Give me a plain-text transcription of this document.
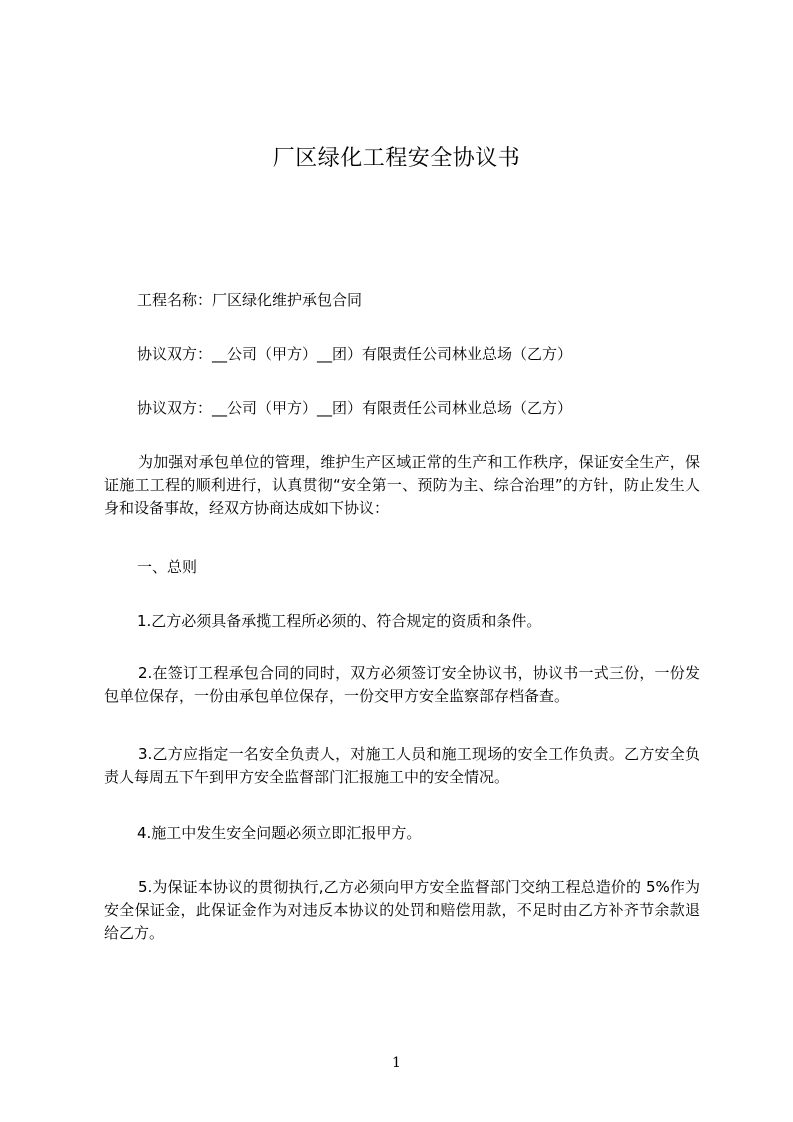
厂区绿化工程安全协议书
工程名称：厂区绿化维护承包合同
协议双方：__公司（甲方）__团）有限责任公司林业总场（乙方）
协议双方：__公司（甲方）__团）有限责任公司林业总场（乙方）
为加强对承包单位的管理，维护生产区域正常的生产和工作秩序，保证安全生产，保证施工工程的顺利进行，认真贯彻“安全第一、预防为主、综合治理”的方针，防止发生人身和设备事故，经双方协商达成如下协议：
一、总则
1.乙方必须具备承揽工程所必须的、符合规定的资质和条件。
2.在签订工程承包合同的同时，双方必须签订安全协议书，协议书一式三份，一份发包单位保存，一份由承包单位保存，一份交甲方安全监察部存档备查。
3.乙方应指定一名安全负责人，对施工人员和施工现场的安全工作负责。乙方安全负责人每周五下午到甲方安全监督部门汇报施工中的安全情况。
4.施工中发生安全问题必须立即汇报甲方。
5.为保证本协议的贯彻执行,乙方必须向甲方安全监督部门交纳工程总造价的 5%作为安全保证金，此保证金作为对违反本协议的处罚和赔偿用款，不足时由乙方补齐节余款退给乙方。
1
